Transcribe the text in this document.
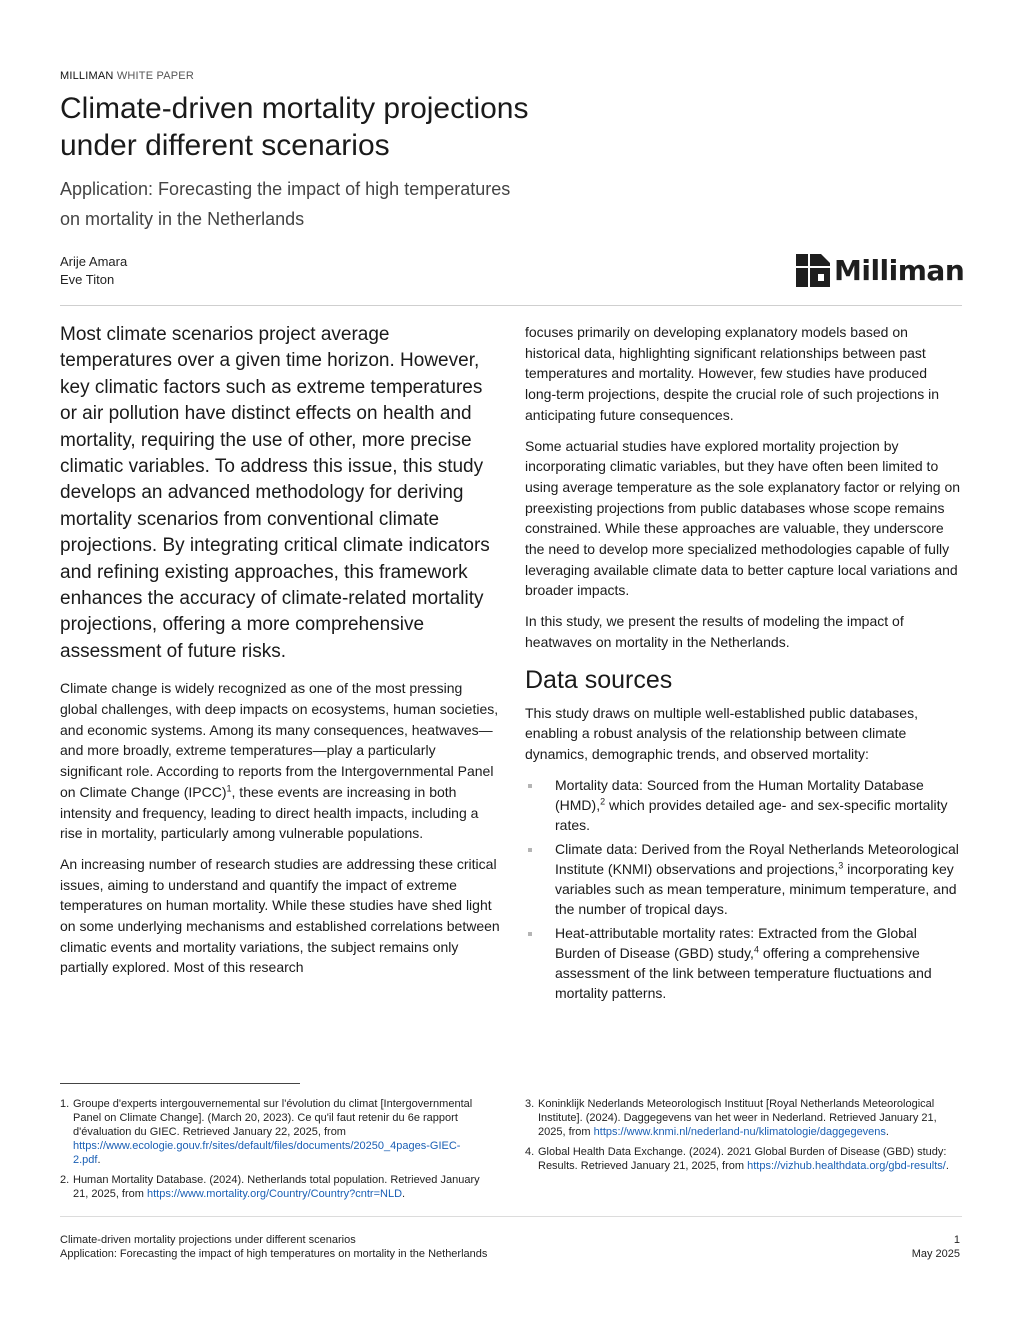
MILLIMAN WHITE PAPER
Climate-driven mortality projections
under different scenarios
Application: Forecasting the impact of high temperatures
on mortality in the Netherlands
Arije Amara
Eve Titon	Milliman

Most climate scenarios project average temperatures over a given time horizon. However, key climatic factors such as extreme temperatures or air pollution have distinct effects on health and mortality, requiring the use of other, more precise climatic variables. To address this issue, this study develops an advanced methodology for deriving mortality scenarios from conventional climate projections. By integrating critical climate indicators and refining existing approaches, this framework enhances the accuracy of climate-related mortality projections, offering a more comprehensive assessment of future risks.

Climate change is widely recognized as one of the most pressing global challenges, with deep impacts on ecosystems, human societies, and economic systems. Among its many consequences, heatwaves—and more broadly, extreme temperatures—play a particularly significant role. According to reports from the Intergovernmental Panel on Climate Change (IPCC)$^1$, these events are increasing in both intensity and frequency, leading to direct health impacts, including a rise in mortality, particularly among vulnerable populations.

An increasing number of research studies are addressing these critical issues, aiming to understand and quantify the impact of extreme temperatures on human mortality. While these studies have shed light on some underlying mechanisms and established correlations between climatic events and mortality variations, the subject remains only partially explored. Most of this research

focuses primarily on developing explanatory models based on historical data, highlighting significant relationships between past temperatures and mortality. However, few studies have produced long-term projections, despite the crucial role of such projections in anticipating future consequences.

Some actuarial studies have explored mortality projection by incorporating climatic variables, but they have often been limited to using average temperature as the sole explanatory factor or relying on preexisting projections from public databases whose scope remains constrained. While these approaches are valuable, they underscore the need to develop more specialized methodologies capable of fully leveraging available climate data to better capture local variations and broader impacts.

In this study, we present the results of modeling the impact of heatwaves on mortality in the Netherlands.

Data sources

This study draws on multiple well-established public databases, enabling a robust analysis of the relationship between climate dynamics, demographic trends, and observed mortality:

Mortality data: Sourced from the Human Mortality Database (HMD),$^2$ which provides detailed age- and sex-specific mortality rates.
Climate data: Derived from the Royal Netherlands Meteorological Institute (KNMI) observations and projections,$^3$ incorporating key variables such as mean temperature, minimum temperature, and the number of tropical days.
Heat-attributable mortality rates: Extracted from the Global Burden of Disease (GBD) study,$^4$ offering a comprehensive assessment of the link between temperature fluctuations and mortality patterns.
1. Groupe d'experts intergouvernemental sur l'évolution du climat [Intergovernmental Panel on Climate Change]. (March 20, 2023). Ce qu'il faut retenir du 6e rapport d'évaluation du GIEC. Retrieved January 22, 2025, from https://www.ecologie.gouv.fr/sites/default/files/documents/20250_4pages-GIEC-2.pdf.
2. Human Mortality Database. (2024). Netherlands total population. Retrieved January 21, 2025, from https://www.mortality.org/Country/Country?cntr=NLD.
3. Koninklijk Nederlands Meteorologisch Instituut [Royal Netherlands Meteorological Institute]. (2024). Daggegevens van het weer in Nederland. Retrieved January 21, 2025, from https://www.knmi.nl/nederland-nu/klimatologie/daggegevens.
4. Global Health Data Exchange. (2024). 2021 Global Burden of Disease (GBD) study: Results. Retrieved January 21, 2025, from https://vizhub.healthdata.org/gbd-results/.
Climate-driven mortality projections under different scenarios
Application: Forecasting the impact of high temperatures on mortality in the Netherlands
1
May 2025
